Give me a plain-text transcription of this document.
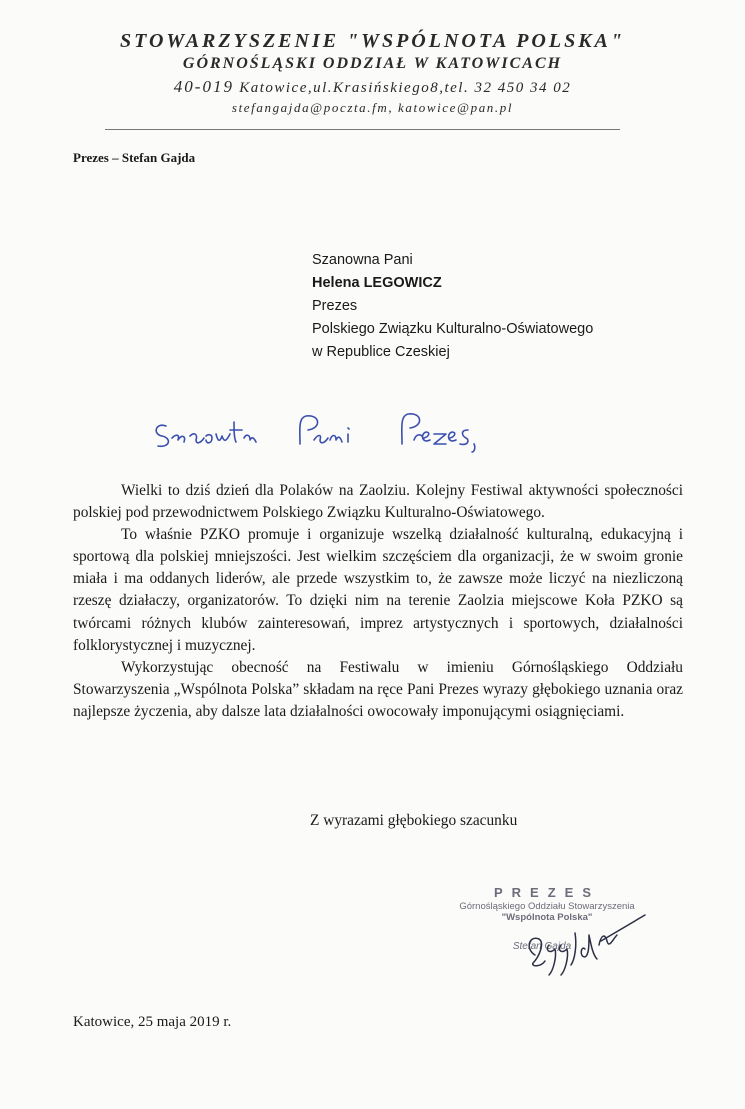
STOWARZYSZENIE "WSPÓLNOTA POLSKA"
GÓRNOŚLĄSKI ODDZIAŁ W KATOWICACH
40-019 Katowice,ul.Krasińskiego8,tel. 32 450 34 02
stefangajda@poczta.fm, katowice@pan.pl
Prezes – Stefan Gajda
Szanowna Pani
Helena LEGOWICZ
Prezes
Polskiego Związku Kulturalno-Oświatowego
w Republice Czeskiej

Wielki to dziś dzień dla Polaków na Zaolziu. Kolejny Festiwal aktywności społeczności polskiej pod przewodnictwem Polskiego Związku Kulturalno-Oświatowego.

To właśnie PZKO promuje i organizuje wszelką działalność kulturalną, edukacyjną i sportową dla polskiej mniejszości. Jest wielkim szczęściem dla organizacji, że w swoim gronie miała i ma oddanych liderów, ale przede wszystkim to, że zawsze może liczyć na niezliczoną rzeszę działaczy, organizatorów. To dzięki nim na terenie Zaolzia miejscowe Koła PZKO są twórcami różnych klubów zainteresowań, imprez artystycznych i sportowych, działalności folklorystycznej i muzycznej.

Wykorzystując obecność na Festiwalu w imieniu Górnośląskiego Oddziału Stowarzyszenia „Wspólnota Polska” składam na ręce Pani Prezes wyrazy głębokiego uznania oraz najlepsze życzenia, aby dalsze lata działalności owocowały imponującymi osiągnięciami.

Z wyrazami głębokiego szacunku
PREZES
Górnośląskiego Oddziału Stowarzyszenia
"Wspólnota Polska"
Stefan Gajda
Katowice, 25 maja 2019 r.
